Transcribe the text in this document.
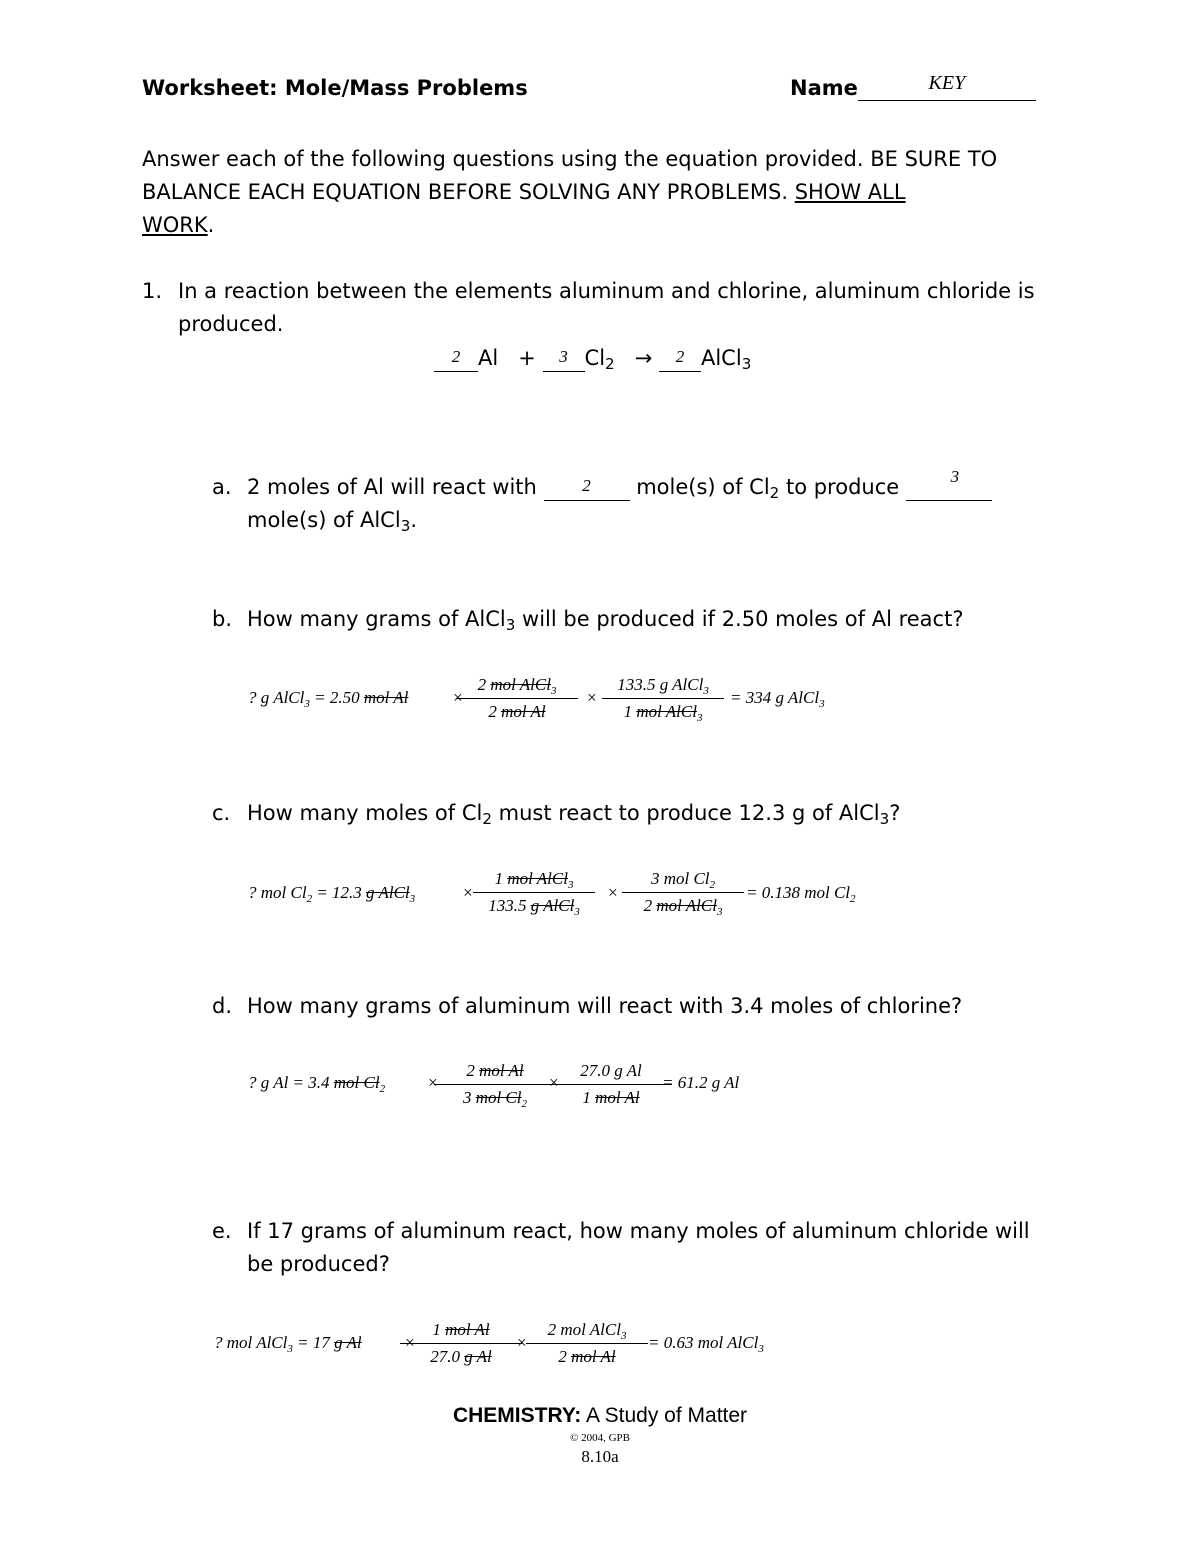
Worksheet: Mole/Mass Problems	Name	KEY
Answer each of the following questions using the equation provided. BE SURE TO
BALANCE EACH EQUATION BEFORE SOLVING ANY PROBLEMS. SHOW ALL
WORK.
1. In a reaction between the elements aluminum and chlorine, aluminum chloride is
produced.
2 Al + 3 $Cl_2 \to 2$ AlCl$_3$
a. 2 moles of Al will react with 2 mole(s) of $Cl_2$ to produce	$^3$
mole(s) of AlCl$_3$.
b. How many grams of AlCl$_3$ will be produced if 2.50 moles of Al react?
? g AlCl$_3$ = 2.50 mol Al	×
2 mol AlCl$_3$
2 mol Al
×
133.5 g AlCl$_3$
1 mol AlCl$_3$
= 334 g AlCl$_3$
c. How many moles of $Cl_2$ must react to produce 12.3 g of AlCl$_3$?
? mol $Cl_2 = 12.3$ g AlCl$_3$	×
1 mol AlCl$_3$
133.5 g AlCl$_3$
×
3 mol $Cl_2$
2 mol AlCl$_3$
= 0.138 mol $Cl_2$
d. How many grams of aluminum will react with 3.4 moles of chlorine?
? g Al = 3.4 mol $Cl_2$ ×
2 mol Al
3 mol $Cl_2$
×
27.0 g Al
1 mol Al
= 61.2 g Al
e. If 17 grams of aluminum react, how many moles of aluminum chloride will
be produced?
? mol AlCl$_3$ = 17 g Al ×
1 mol Al
27.0 g Al
×
2 mol AlCl$_3$
2 mol Al
= 0.63 mol AlCl$_3$
CHEMISTRY: A Study of Matter
© 2004, GPB
8.10a
